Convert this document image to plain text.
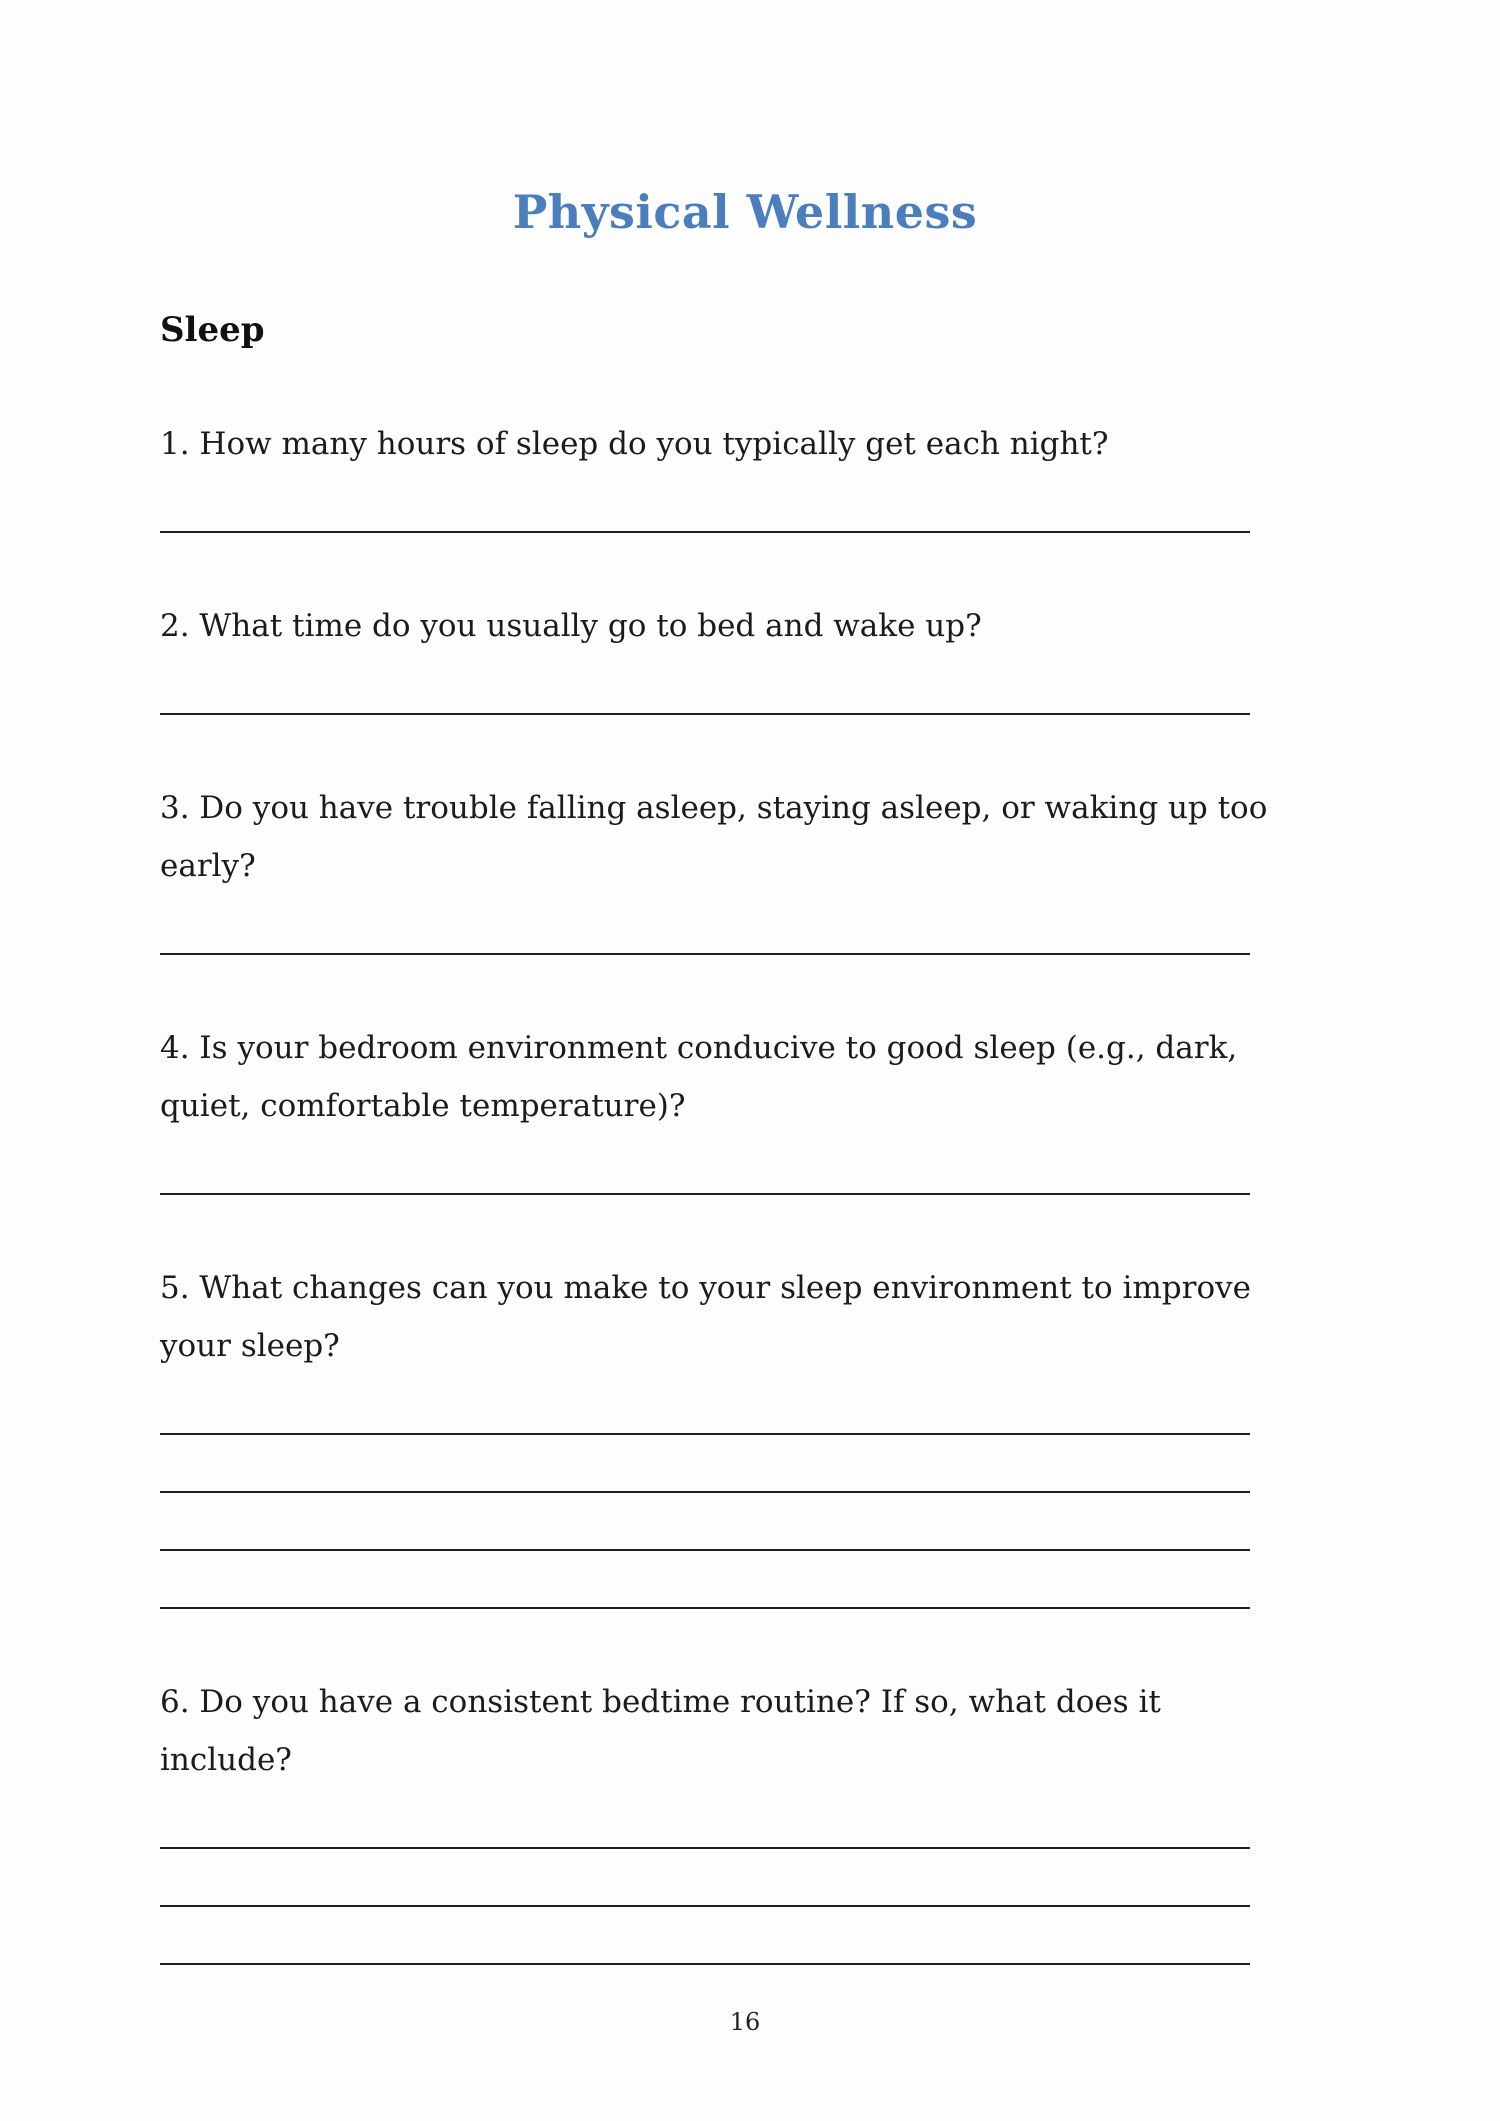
Physical Wellness
Sleep

1. How many hours of sleep do you typically get each night?

2. What time do you usually go to bed and wake up?

3. Do you have trouble falling asleep, staying asleep, or waking up too early?

4. Is your bedroom environment conducive to good sleep (e.g., dark, quiet, comfortable temperature)?

5. What changes can you make to your sleep environment to improve your sleep?

6. Do you have a consistent bedtime routine? If so, what does it include?

16
